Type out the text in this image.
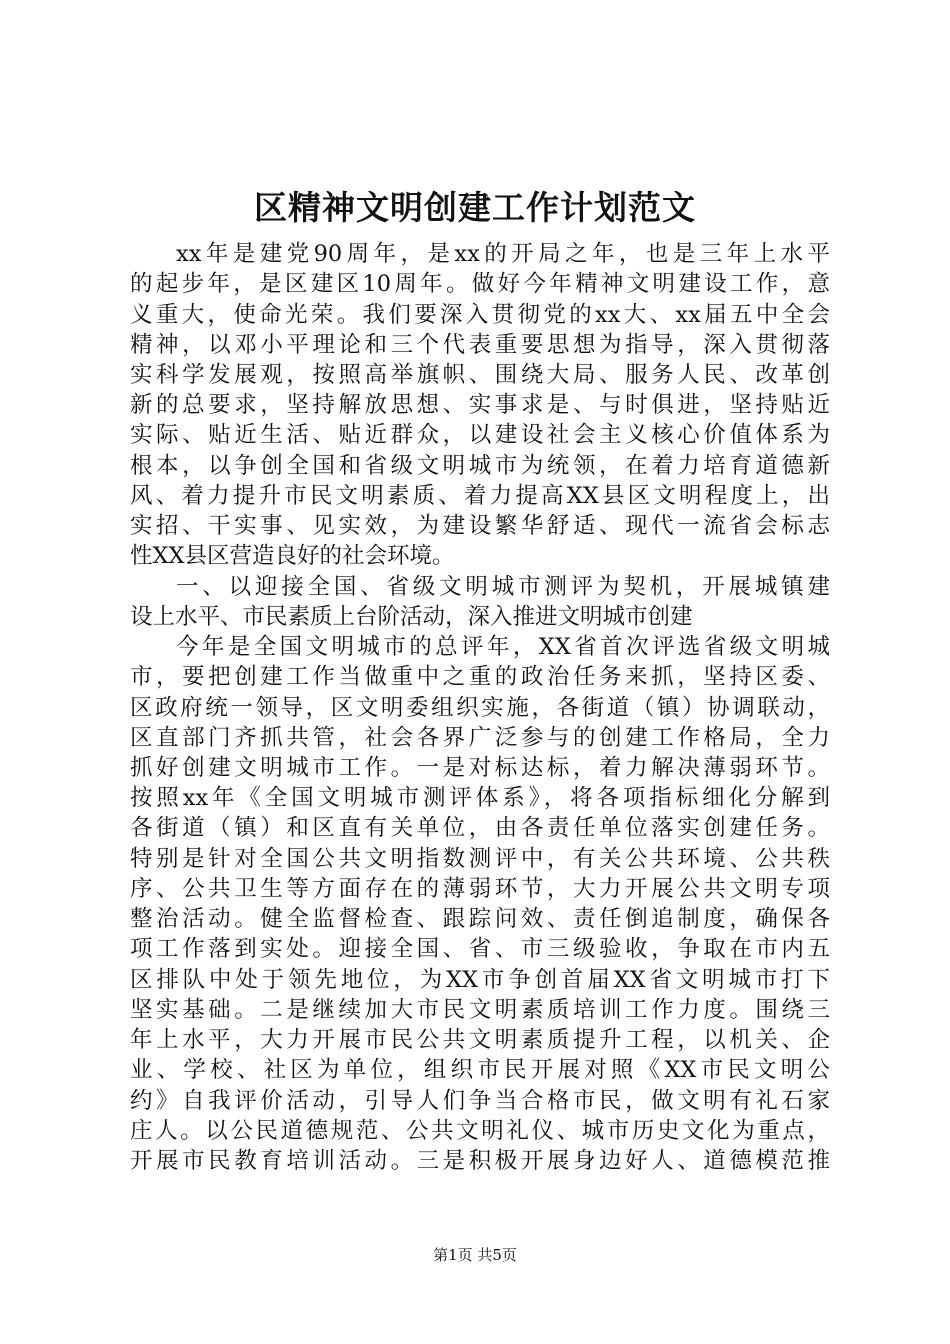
区精神文明创建工作计划范文
xx年是建党90周年，是xx的开局之年，也是三年上水平
的起步年，是区建区10周年。做好今年精神文明建设工作，意
义重大，使命光荣。我们要深入贯彻党的xx大、xx届五中全会
精神，以邓小平理论和三个代表重要思想为指导，深入贯彻落
实科学发展观，按照高举旗帜、围绕大局、服务人民、改革创
新的总要求，坚持解放思想、实事求是、与时俱进，坚持贴近
实际、贴近生活、贴近群众，以建设社会主义核心价值体系为
根本，以争创全国和省级文明城市为统领，在着力培育道德新
风、着力提升市民文明素质、着力提高XX县区文明程度上，出
实招、干实事、见实效，为建设繁华舒适、现代一流省会标志
性XX县区营造良好的社会环境。
一、以迎接全国、省级文明城市测评为契机，开展城镇建
设上水平、市民素质上台阶活动，深入推进文明城市创建
今年是全国文明城市的总评年，XX省首次评选省级文明城
市，要把创建工作当做重中之重的政治任务来抓，坚持区委、
区政府统一领导，区文明委组织实施，各街道（镇）协调联动，
区直部门齐抓共管，社会各界广泛参与的创建工作格局，全力
抓好创建文明城市工作。一是对标达标，着力解决薄弱环节。
按照xx年《全国文明城市测评体系》，将各项指标细化分解到
各街道（镇）和区直有关单位，由各责任单位落实创建任务。
特别是针对全国公共文明指数测评中，有关公共环境、公共秩
序、公共卫生等方面存在的薄弱环节，大力开展公共文明专项
整治活动。健全监督检查、跟踪问效、责任倒追制度，确保各
项工作落到实处。迎接全国、省、市三级验收，争取在市内五
区排队中处于领先地位，为XX市争创首届XX省文明城市打下
坚实基础。二是继续加大市民文明素质培训工作力度。围绕三
年上水平，大力开展市民公共文明素质提升工程，以机关、企
业、学校、社区为单位，组织市民开展对照《XX市民文明公
约》自我评价活动，引导人们争当合格市民，做文明有礼石家
庄人。以公民道德规范、公共文明礼仪、城市历史文化为重点，
开展市民教育培训活动。三是积极开展身边好人、道德模范推
第1页 共5页
